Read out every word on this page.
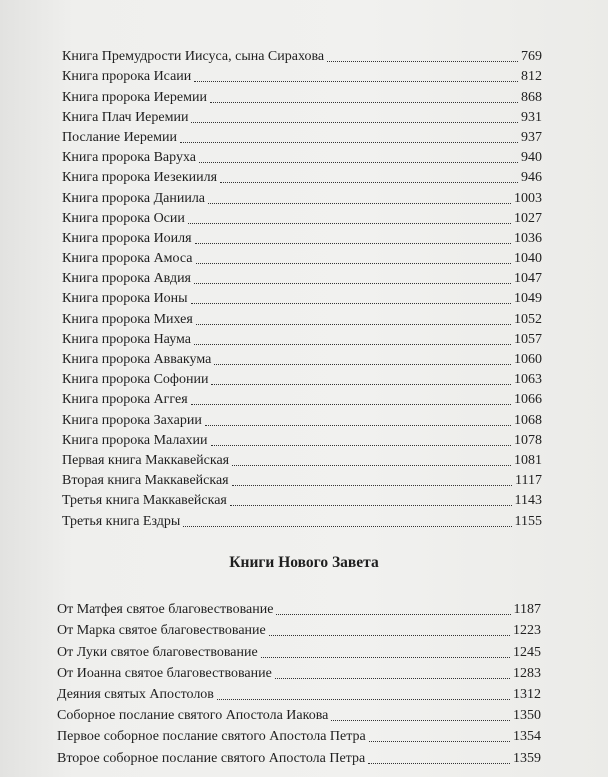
Книга Премудрости Иисуса, сына Сирахова	769
Книга пророка Исаии	812
Книга пророка Иеремии	868
Книга Плач Иеремии	931
Послание Иеремии	937
Книга пророка Варуха	940
Книга пророка Иезекииля	946
Книга пророка Даниила	1003
Книга пророка Осии	1027
Книга пророка Иоиля	1036
Книга пророка Амоса	1040
Книга пророка Авдия	1047
Книга пророка Ионы	1049
Книга пророка Михея	1052
Книга пророка Наума	1057
Книга пророка Аввакума	1060
Книга пророка Софонии	1063
Книга пророка Аггея	1066
Книга пророка Захарии	1068
Книга пророка Малахии	1078
Первая книга Маккавейская	1081
Вторая книга Маккавейская	1117
Третья книга Маккавейская	1143
Третья книга Ездры	1155
Книги Нового Завета
От Матфея святое благовествование	1187
От Марка святое благовествование	1223
От Луки святое благовествование	1245
От Иоанна святое благовествование	1283
Деяния святых Апостолов	1312
Соборное послание святого Апостола Иакова	1350
Первое соборное послание святого Апостола Петра	1354
Второе соборное послание святого Апостола Петра	1359
